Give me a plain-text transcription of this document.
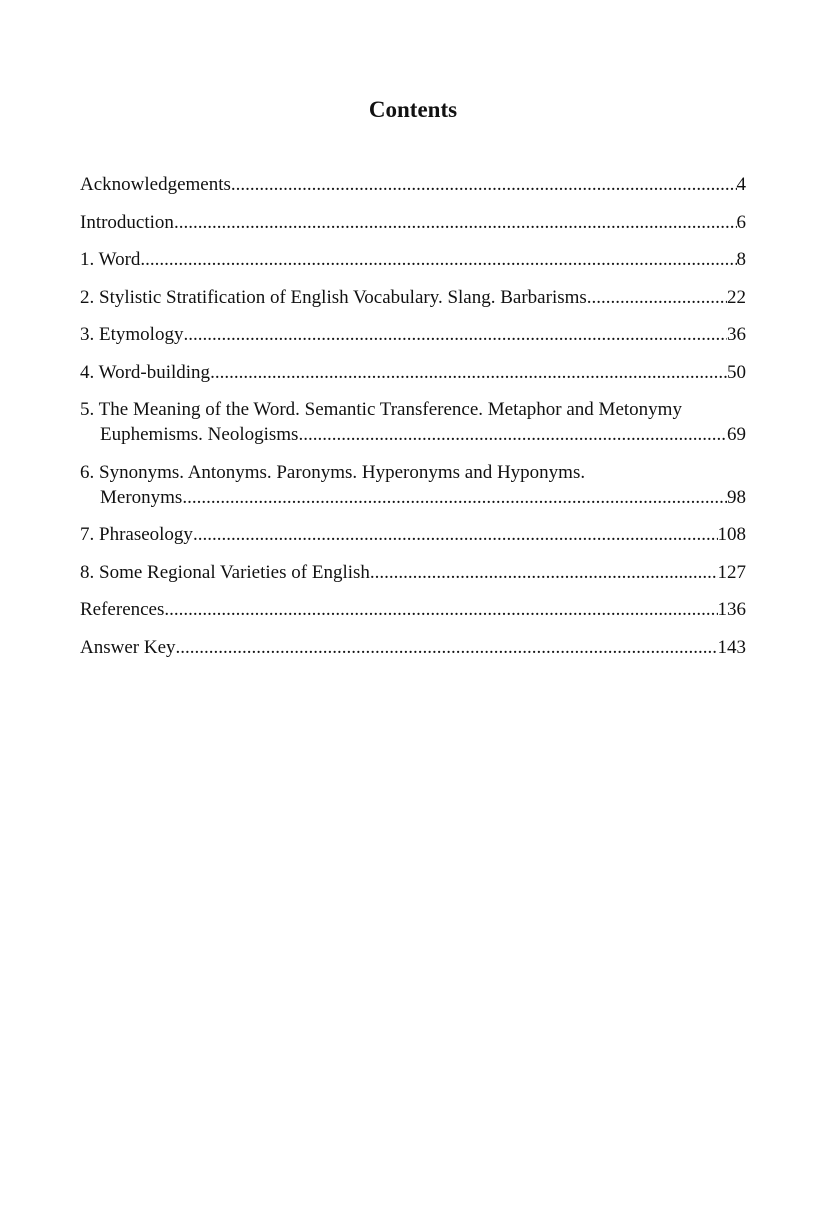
Contents
Acknowledgements .....	4
Introduction .....	6
1. Word .....	8
2. Stylistic Stratification of English Vocabulary. Slang. Barbarisms. .....	22
3. Etymology .....	36
4. Word-building .....	50
5. The Meaning of the Word. Semantic Transference. Metaphor and Metonymy
Euphemisms. Neologisms .....	69
6. Synonyms. Antonyms. Paronyms. Hyperonyms and Hyponyms.
Meronyms .....	98
7. Phraseology .....	108
8. Some Regional Varieties of English. .....	127
References .....	136
Answer Key .....	143
